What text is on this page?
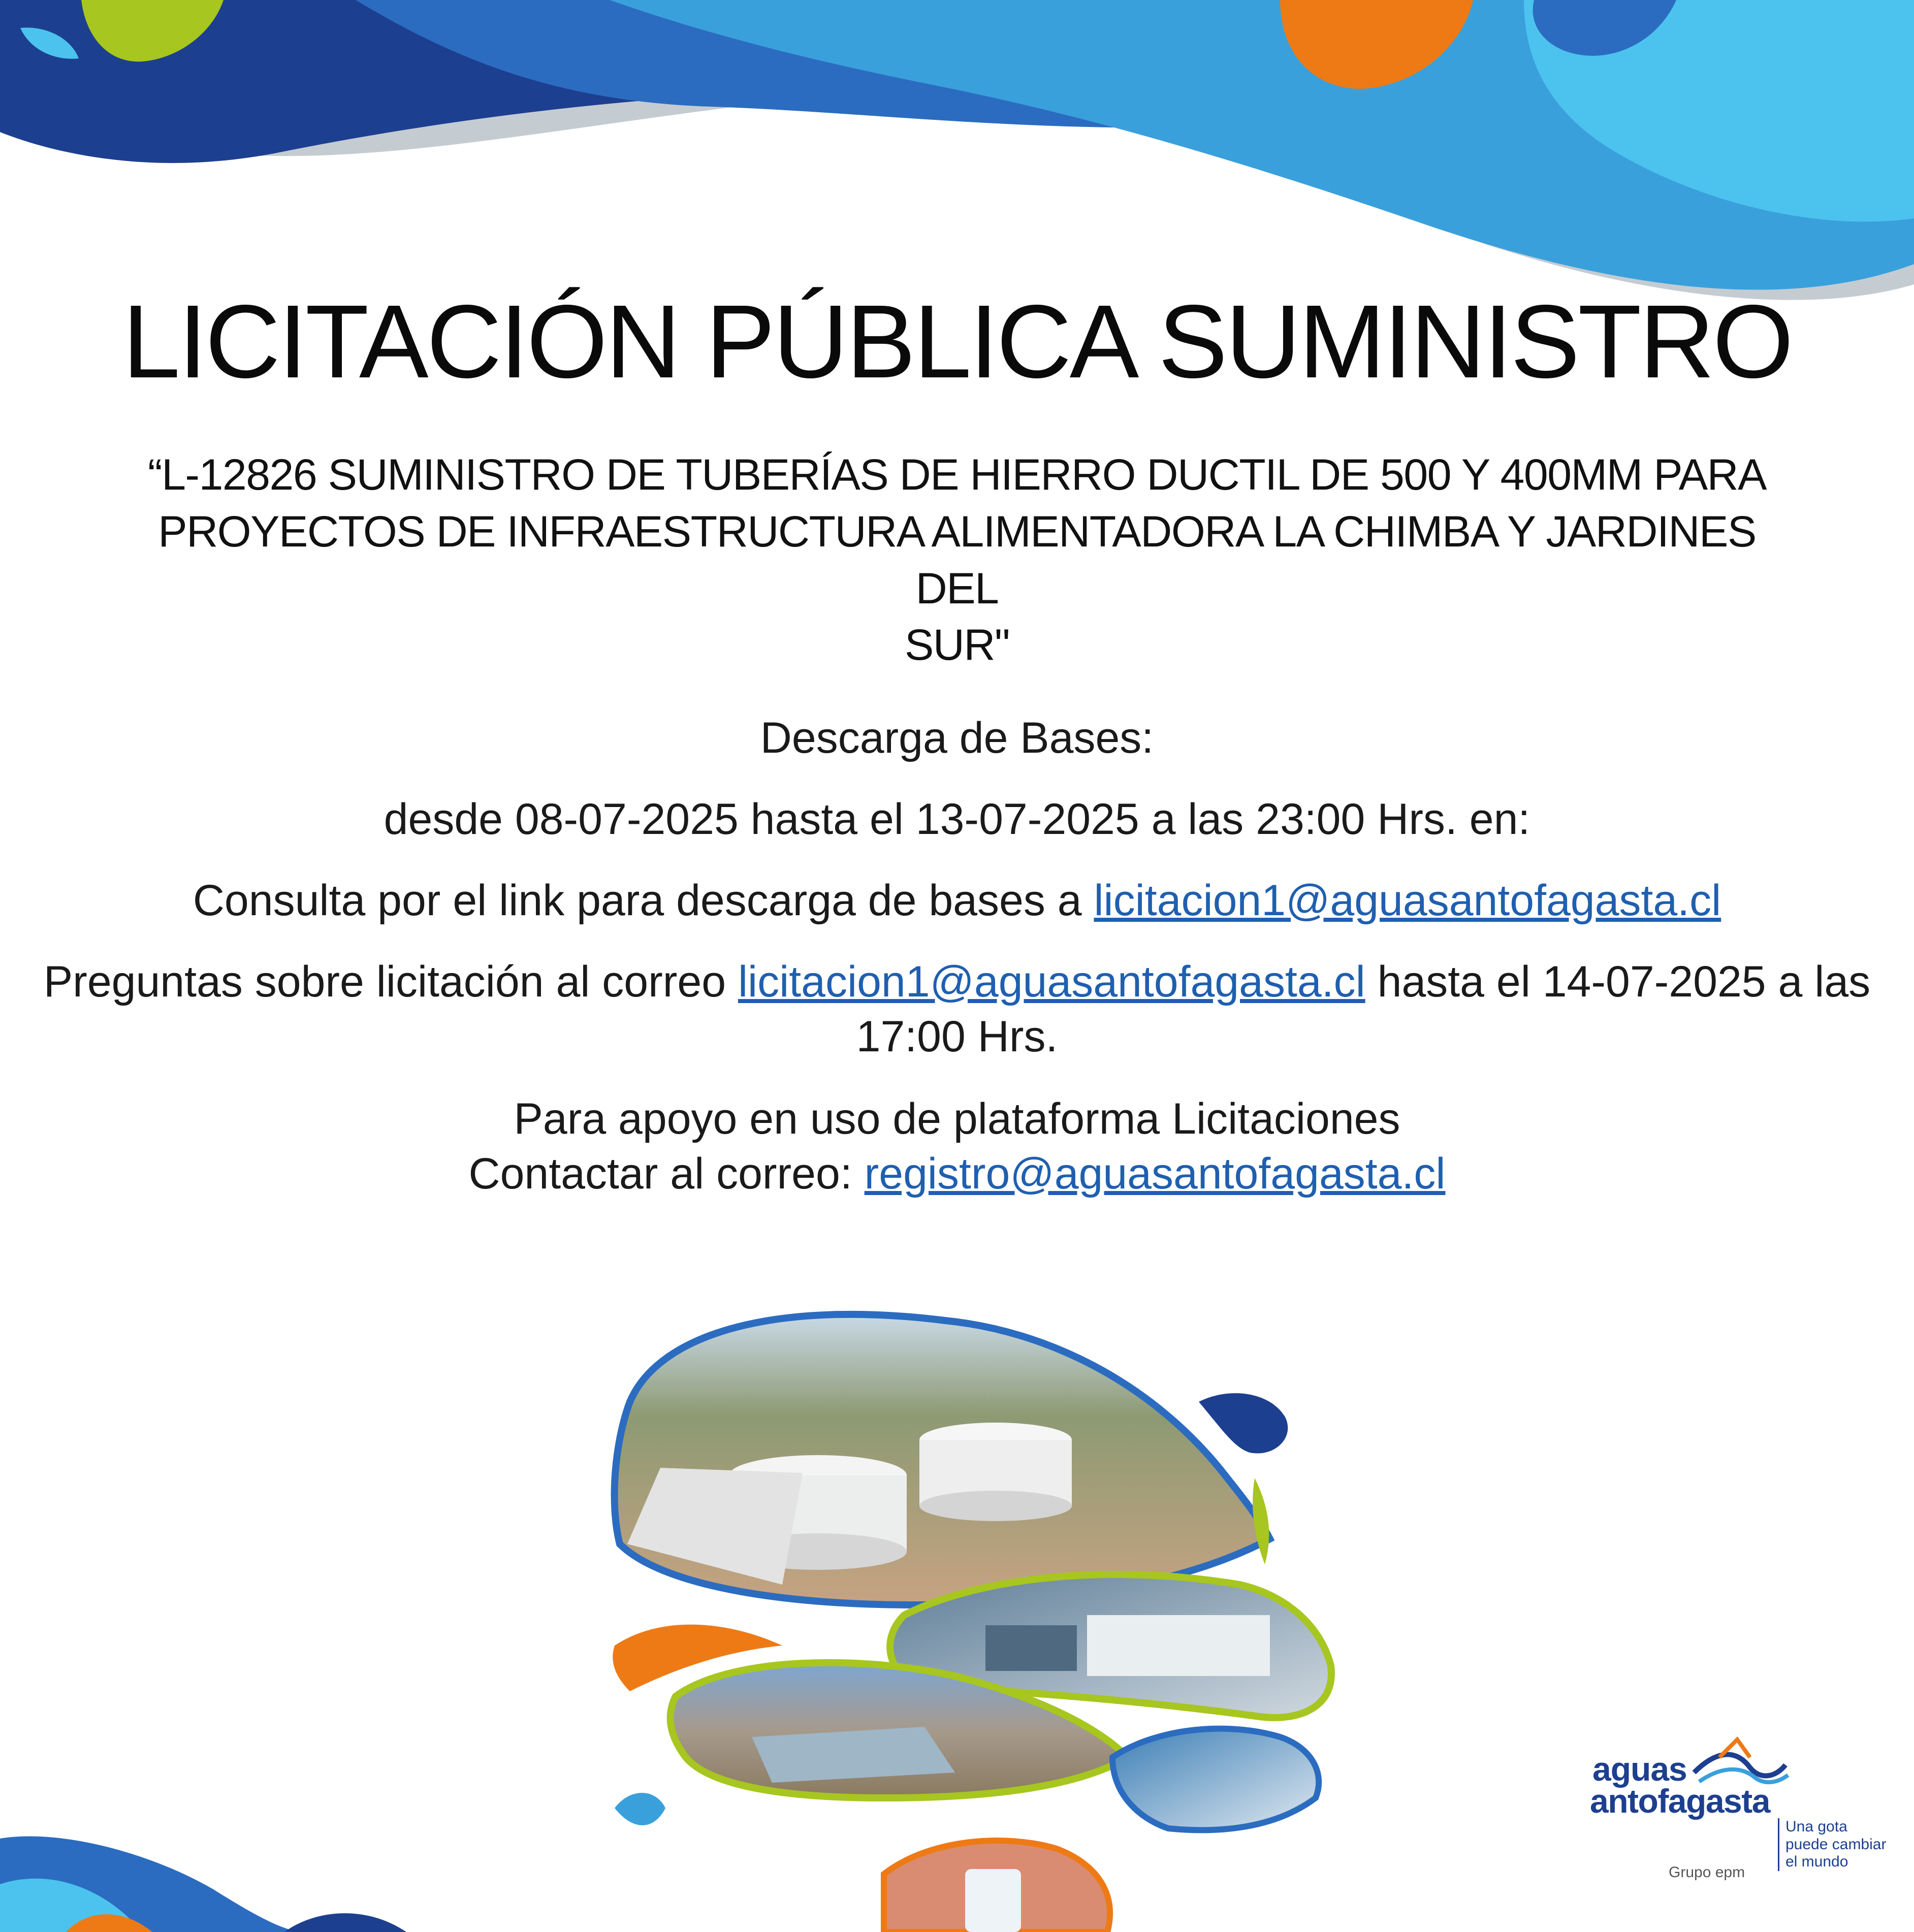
LICITACIÓN PÚBLICA SUMINISTRO
“L-12826 SUMINISTRO DE TUBERÍAS DE HIERRO DUCTIL DE 500 Y 400MM PARA
PROYECTOS DE INFRAESTRUCTURA ALIMENTADORA LA CHIMBA Y JARDINES DEL
SUR"
Descarga de Bases:
desde 08-07-2025 hasta el 13-07-2025 a las 23:00 Hrs. en:
Consulta por el link para descarga de bases a licitacion1@aguasantofagasta.cl
Preguntas sobre licitación al correo licitacion1@aguasantofagasta.cl hasta el 14-07-2025 a las
17:00 Hrs.
Para apoyo en uso de plataforma Licitaciones
Contactar al correo: registro@aguasantofagasta.cl
aguas
antofagasta
Una gota
puede cambiar
el mundo
Grupo epm
